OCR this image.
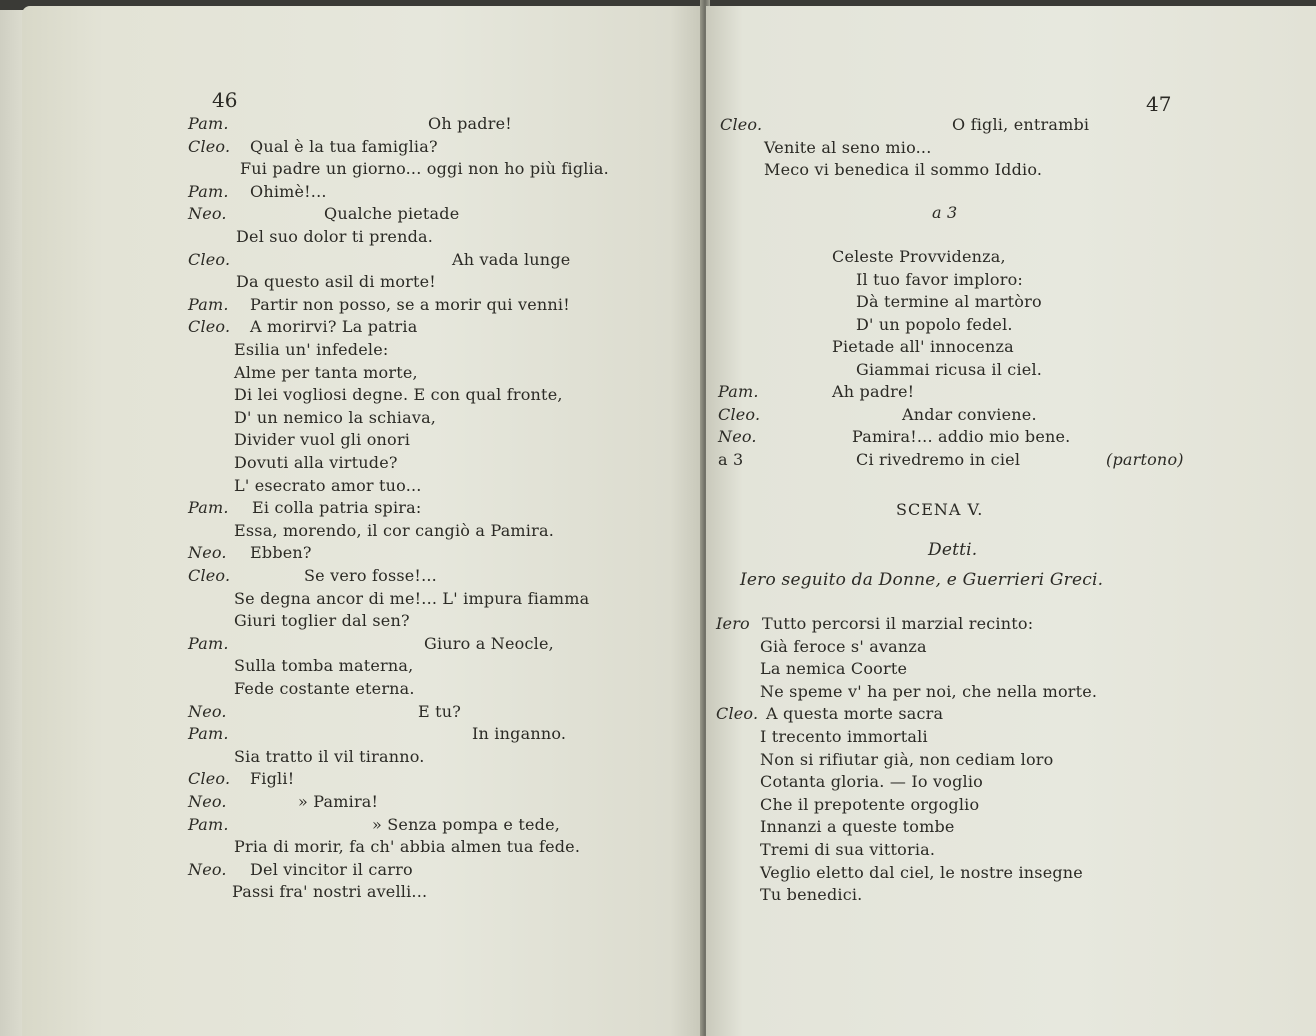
46
Pam.	Oh padre!
Cleo. Qual è la tua famiglia?
Fui padre un giorno... oggi non ho più figlia.
Pam. Ohimè!...
Neo.	Qualche pietade
Del suo dolor ti prenda.
Cleo.	Ah vada lunge
Da questo asil di morte!
Pam. Partir non posso, se a morir qui venni!
Cleo. A morirvi? La patria
Esilia un' infedele:
Alme per tanta morte,
Di lei vogliosi degne. E con qual fronte,
D' un nemico la schiava,
Divider vuol gli onori
Dovuti alla virtude?
L' esecrato amor tuo...
Pam. Ei colla patria spira:
Essa, morendo, il cor cangiò a Pamira.
Neo. Ebben?
Cleo.	Se vero fosse!...
Se degna ancor di me!... L' impura fiamma
Giuri toglier dal sen?
Pam.	Giuro a Neocle,
Sulla tomba materna,
Fede costante eterna.
Neo.	E tu?
Pam.	In inganno.
Sia tratto il vil tiranno.
Cleo. Figli!
Neo.	» Pamira!
Pam.	» Senza pompa e tede,
Pria di morir, fa ch' abbia almen tua fede.
Neo. Del vincitor il carro
Passi fra' nostri avelli...
47
Cleo.	O figli, entrambi
Venite al seno mio...
Meco vi benedica il sommo Iddio.
a 3
Celeste Provvidenza,
Il tuo favor imploro:
Dà termine al martòro
D' un popolo fedel.
Pietade all' innocenza
Giammai ricusa il ciel.
Pam.	Ah padre!
Cleo.	Andar conviene.
Neo.	Pamira!... addio mio bene.
a 3	Ci rivedremo in ciel	(partono)
SCENA V.
Detti.
Iero seguito da Donne, e Guerrieri Greci.
Iero Tutto percorsi il marzial recinto:
Già feroce s' avanza
La nemica Coorte
Ne speme v' ha per noi, che nella morte.
Cleo. A questa morte sacra
I trecento immortali
Non si rifiutar già, non cediam loro
Cotanta gloria. — Io voglio
Che il prepotente orgoglio
Innanzi a queste tombe
Tremi di sua vittoria.
Veglio eletto dal ciel, le nostre insegne
Tu benedici.
